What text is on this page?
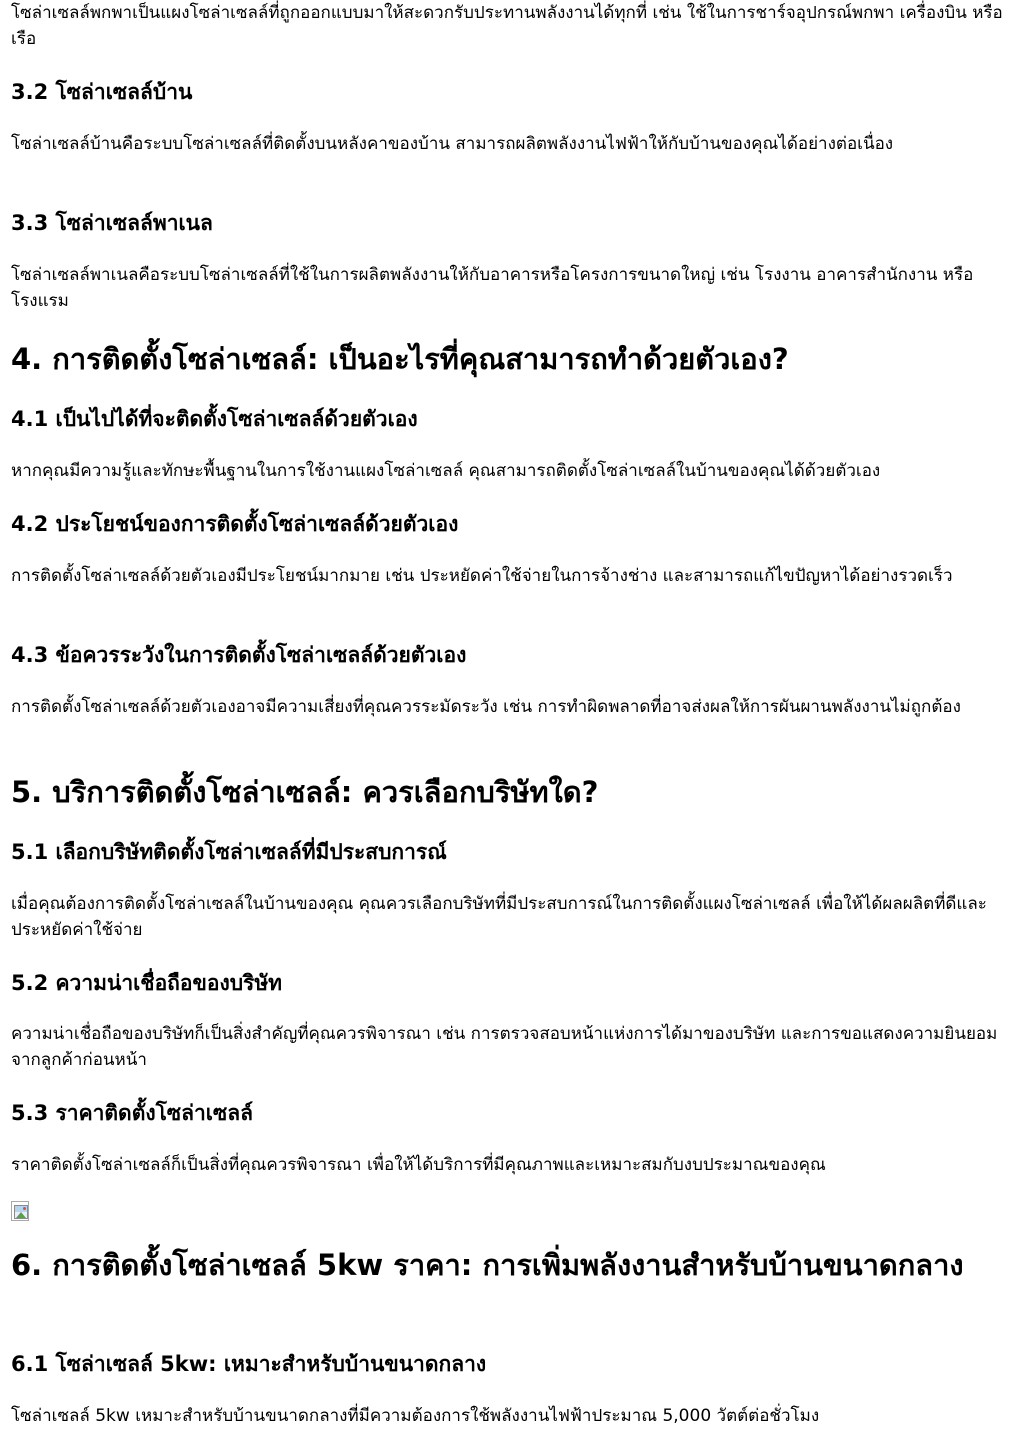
โซล่าเซลล์พกพาเป็นแผงโซล่าเซลล์ที่ถูกออกแบบมาให้สะดวกรับประทานพลังงานได้ทุกที่ เช่น ใช้ในการชาร์จอุปกรณ์พกพา เครื่องบิน หรือเรือ

3.2 โซล่าเซลล์บ้าน

โซล่าเซลล์บ้านคือระบบโซล่าเซลล์ที่ติดตั้งบนหลังคาของบ้าน สามารถผลิตพลังงานไฟฟ้าให้กับบ้านของคุณได้อย่างต่อเนื่อง

3.3 โซล่าเซลล์พาเนล

โซล่าเซลล์พาเนลคือระบบโซล่าเซลล์ที่ใช้ในการผลิตพลังงานให้กับอาคารหรือโครงการขนาดใหญ่ เช่น โรงงาน อาคารสำนักงาน หรือโรงแรม

4. การติดตั้งโซล่าเซลล์: เป็นอะไรที่คุณสามารถทำด้วยตัวเอง?
4.1 เป็นไปได้ที่จะติดตั้งโซล่าเซลล์ด้วยตัวเอง

หากคุณมีความรู้และทักษะพื้นฐานในการใช้งานแผงโซล่าเซลล์ คุณสามารถติดตั้งโซล่าเซลล์ในบ้านของคุณได้ด้วยตัวเอง

4.2 ประโยชน์ของการติดตั้งโซล่าเซลล์ด้วยตัวเอง

การติดตั้งโซล่าเซลล์ด้วยตัวเองมีประโยชน์มากมาย เช่น ประหยัดค่าใช้จ่ายในการจ้างช่าง และสามารถแก้ไขปัญหาได้อย่างรวดเร็ว

4.3 ข้อควรระวังในการติดตั้งโซล่าเซลล์ด้วยตัวเอง

การติดตั้งโซล่าเซลล์ด้วยตัวเองอาจมีความเสี่ยงที่คุณควรระมัดระวัง เช่น การทำผิดพลาดที่อาจส่งผลให้การผันผานพลังงานไม่ถูกต้อง

5. บริการติดตั้งโซล่าเซลล์: ควรเลือกบริษัทใด?
5.1 เลือกบริษัทติดตั้งโซล่าเซลล์ที่มีประสบการณ์

เมื่อคุณต้องการติดตั้งโซล่าเซลล์ในบ้านของคุณ คุณควรเลือกบริษัทที่มีประสบการณ์ในการติดตั้งแผงโซล่าเซลล์ เพื่อให้ได้ผลผลิตที่ดีและประหยัดค่าใช้จ่าย

5.2 ความน่าเชื่อถือของบริษัท

ความน่าเชื่อถือของบริษัทก็เป็นสิ่งสำคัญที่คุณควรพิจารณา เช่น การตรวจสอบหน้าแห่งการได้มาของบริษัท และการขอแสดงความยินยอมจากลูกค้าก่อนหน้า

5.3 ราคาติดตั้งโซล่าเซลล์

ราคาติดตั้งโซล่าเซลล์ก็เป็นสิ่งที่คุณควรพิจารณา เพื่อให้ได้บริการที่มีคุณภาพและเหมาะสมกับงบประมาณของคุณ

6. การติดตั้งโซล่าเซลล์ 5kw ราคา: การเพิ่มพลังงานสำหรับบ้านขนาดกลาง
6.1 โซล่าเซลล์ 5kw: เหมาะสำหรับบ้านขนาดกลาง

โซล่าเซลล์ 5kw เหมาะสำหรับบ้านขนาดกลางที่มีความต้องการใช้พลังงานไฟฟ้าประมาณ 5,000 วัตต์ต่อชั่วโมง
